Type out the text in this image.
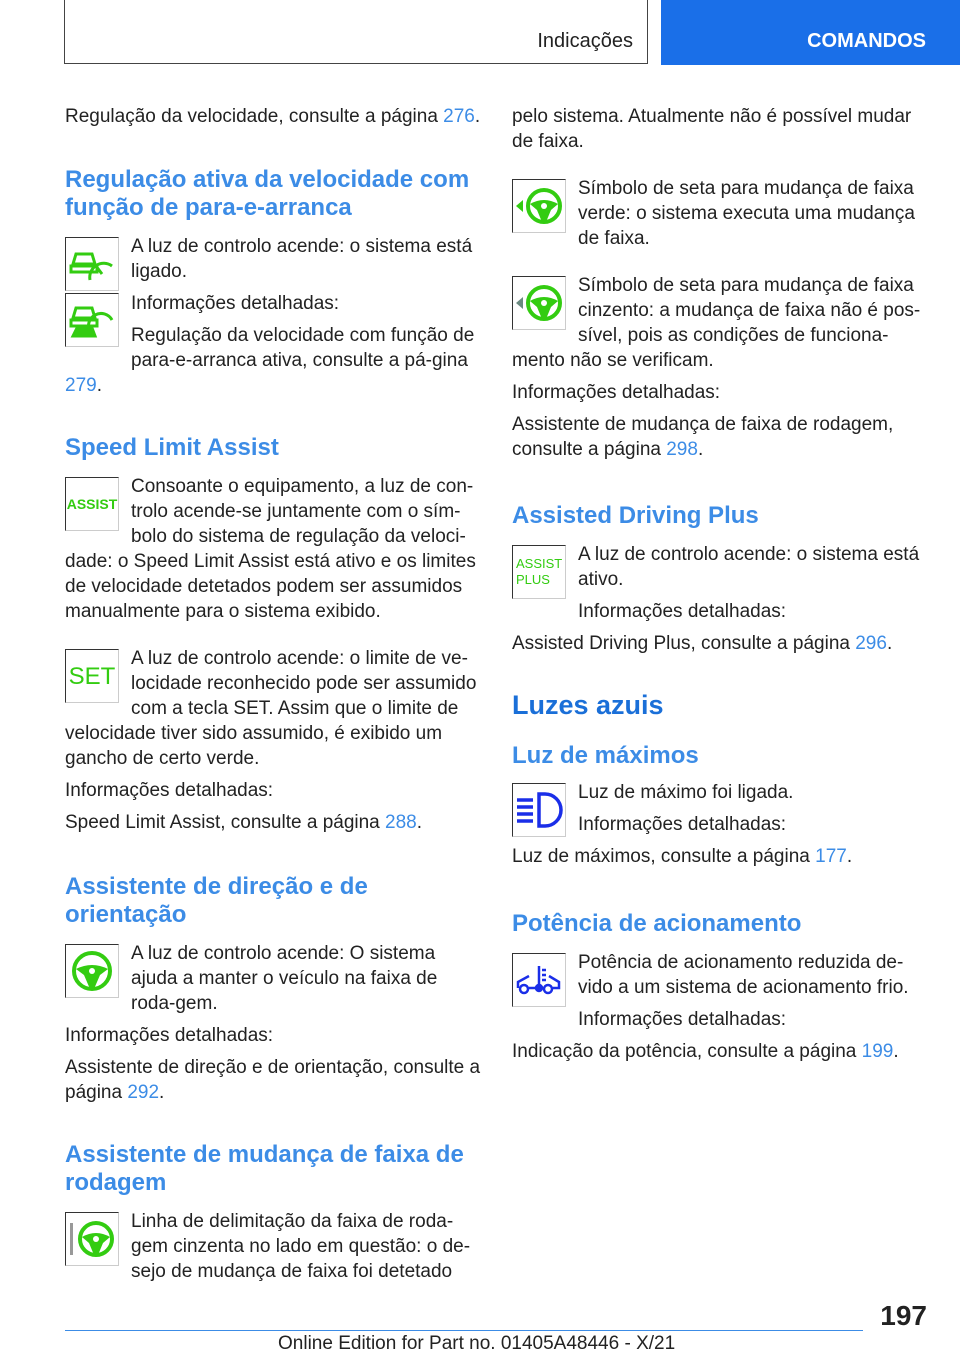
Indicações	COMANDOS
Regulação da velocidade, consulte a página 276.

Regulação ativa da velocidade com função de para-e-arranca

A luz de controlo acende: o sistema está ligado.

Informações detalhadas:

Regulação da velocidade com função de para-e-arranca ativa, consulte a pá‐gina 279.

Speed Limit Assist

ASSIST

Consoante o equipamento, a luz de con‐trolo acende-se juntamente com o sím‐bolo do sistema de regulação da veloci‐dade: o Speed Limit Assist está ativo e os limites de velocidade detetados podem ser assumidos manualmente para o sistema exibido.

SET

A luz de controlo acende: o limite de ve‐locidade reconhecido pode ser assumido com a tecla SET. Assim que o limite de velocidade tiver sido assumido, é exibido um gancho de certo verde.

Informações detalhadas:

Speed Limit Assist, consulte a página 288.

Assistente de direção e de orientação

A luz de controlo acende: O sistema ajuda a manter o veículo na faixa de roda‐gem.

Informações detalhadas:

Assistente de direção e de orientação, consulte a página 292.

Assistente de mudança de faixa de rodagem

Linha de delimitação da faixa de roda‐gem cinzenta no lado em questão: o de‐sejo de mudança de faixa foi detetado

pelo sistema. Atualmente não é possível mudar de faixa.

Símbolo de seta para mudança de faixa verde: o sistema executa uma mudança de faixa.

Símbolo de seta para mudança de faixa cinzento: a mudança de faixa não é pos‐sível, pois as condições de funciona‐mento não se verificam.

Informações detalhadas:

Assistente de mudança de faixa de rodagem, consulte a página 298.

Assisted Driving Plus

ASSIST
PLUS

A luz de controlo acende: o sistema está ativo.

Informações detalhadas:

Assisted Driving Plus, consulte a página 296.

Luzes azuis

Luz de máximos

Luz de máximo foi ligada.

Informações detalhadas:

Luz de máximos, consulte a página 177.

Potência de acionamento

Potência de acionamento reduzida de‐vido a um sistema de acionamento frio.

Informações detalhadas:

Indicação da potência, consulte a página 199.

197
Online Edition for Part no. 01405A48446 - X/21
